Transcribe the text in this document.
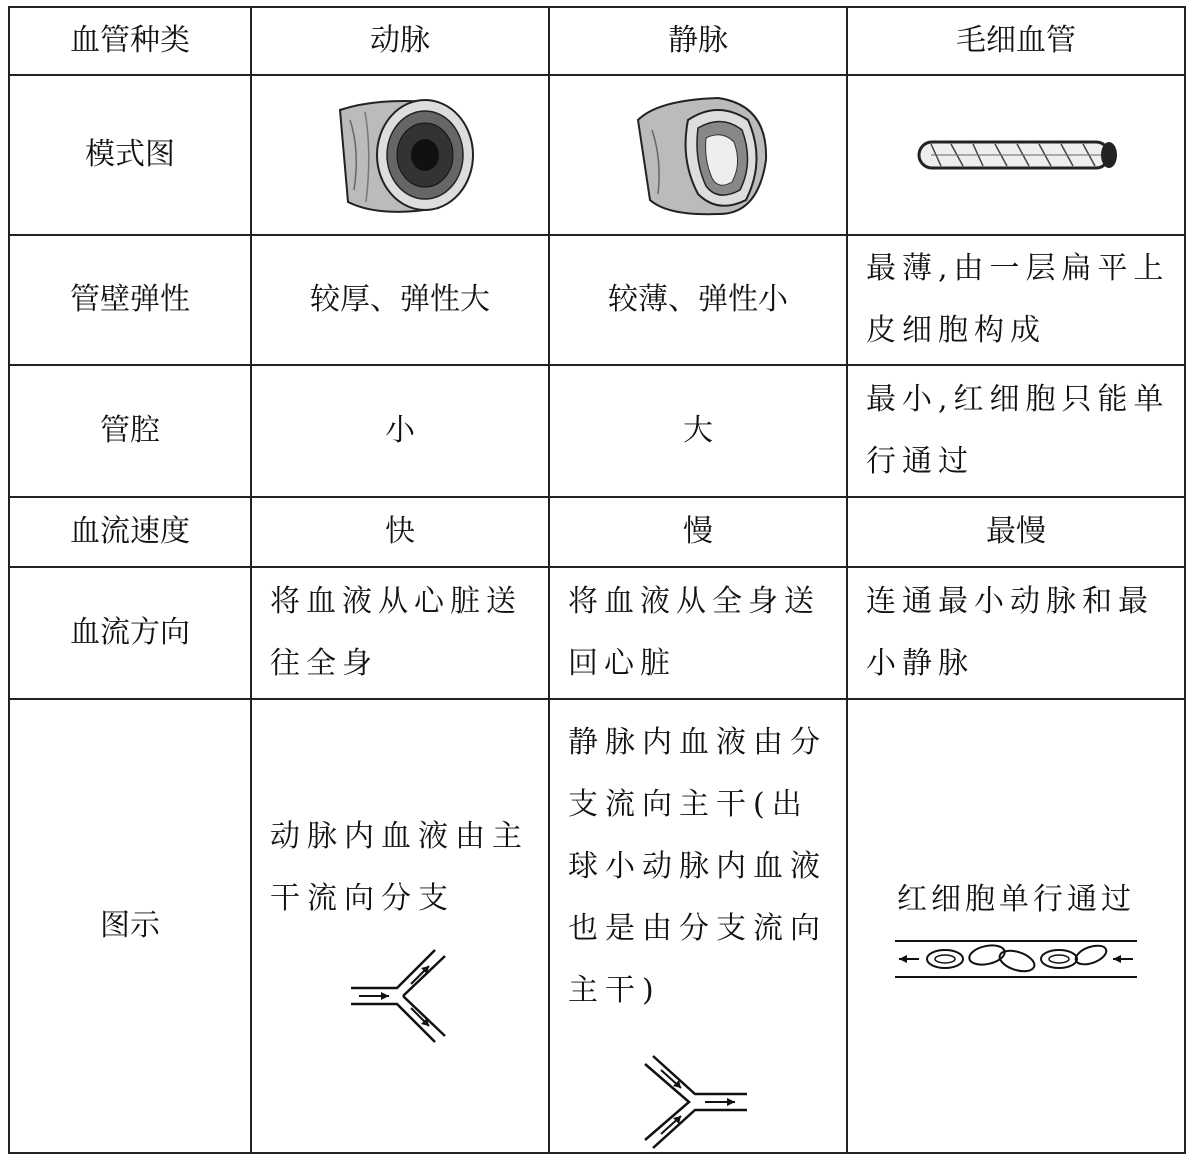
血管种类	动脉	静脉	毛细血管
模式图	

管壁弹性	较厚、弹性大	较薄、弹性小	最薄,由一层扁平上皮细胞构成
管腔	小	大	最小,红细胞只能单行通过
血流速度	快	慢	最慢
血流方向	将血液从心脏送往全身	将血液从全身送回心脏	连通最小动脉和最小静脉
图示	动脉内血液由主干流向分支	静脉内血液由分支流向主干(出球小动脉内血液也是由分支流向主干)	红细胞单行通过
